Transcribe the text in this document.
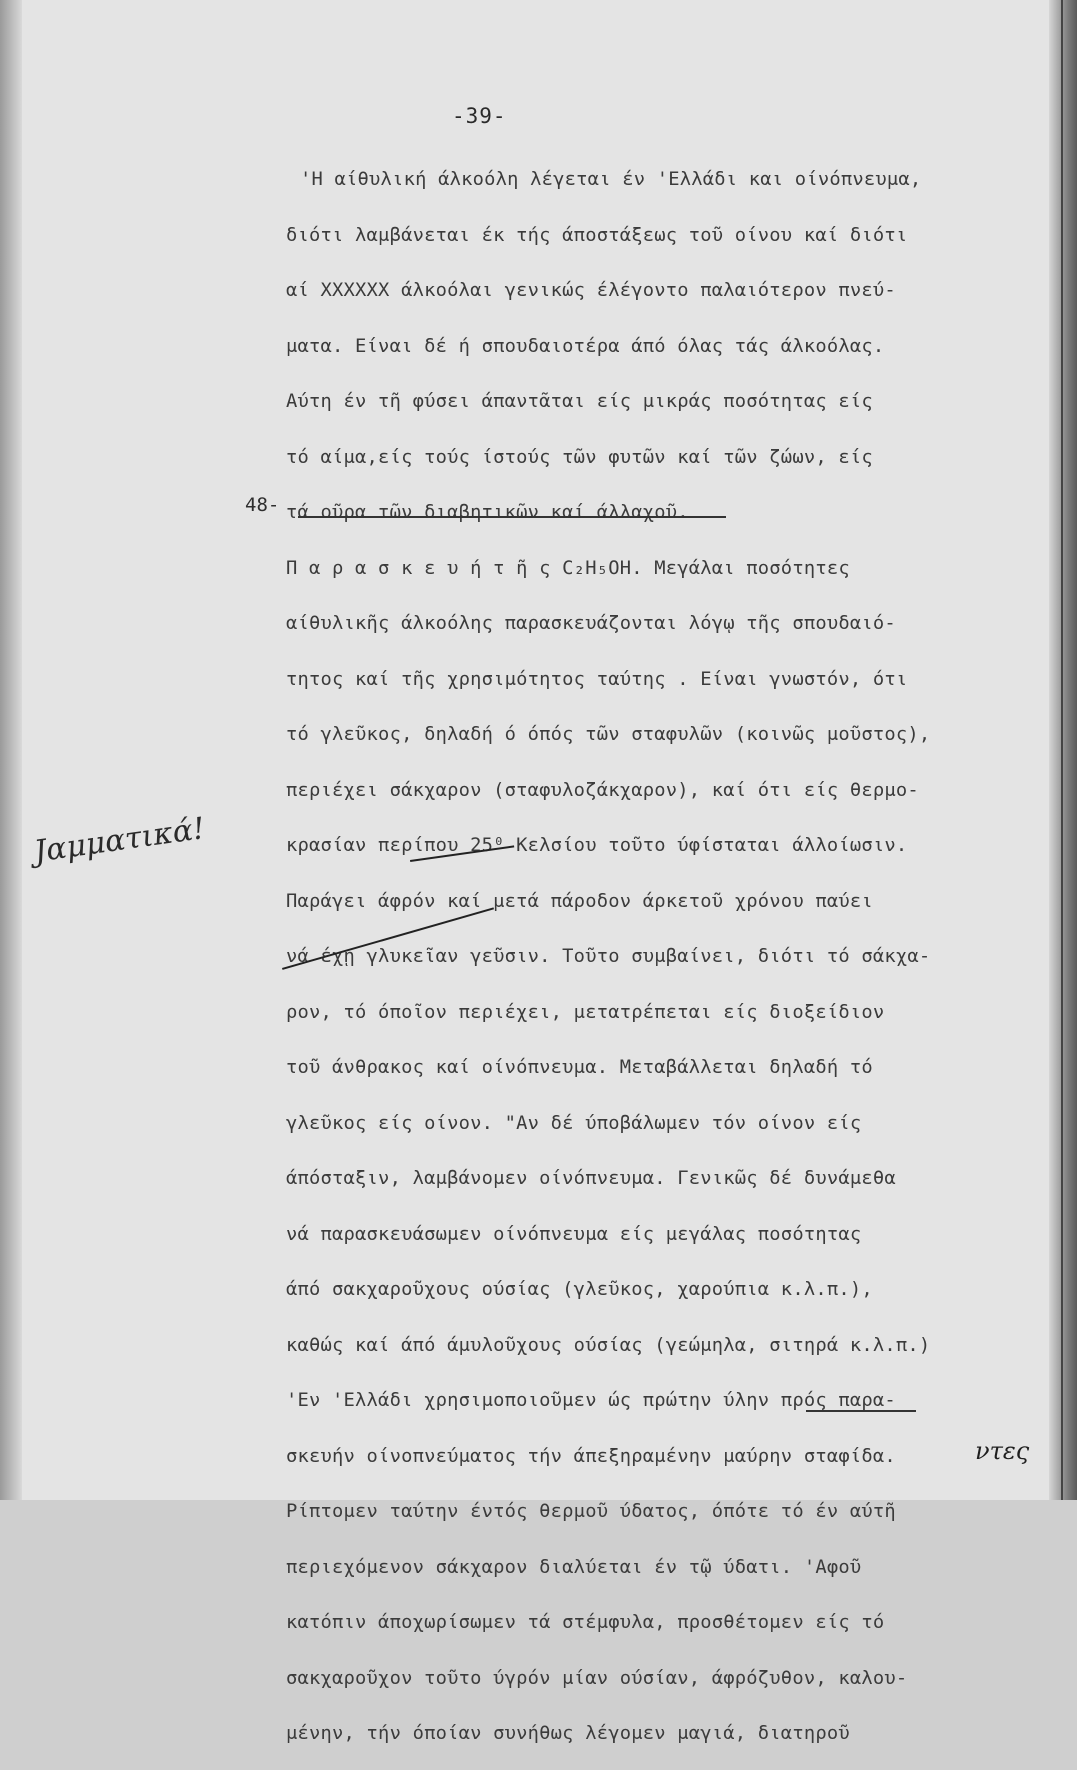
-39-
48-
'Η αίθυλική άλκοόλη λέγεται έν 'Ελλάδι και οίνόπνευμα,
διότι λαμβάνεται έκ τής άποστάξεως τοῦ οίνου καί διότι
αί XXXXXX άλκοόλαι γενικώς έλέγοντο παλαιότερον πνεύ-
ματα. Είναι δέ ή σπουδαιοτέρα άπό όλας τάς άλκοόλας.
Αύτη έν τῆ φύσει άπαντᾶται είς μικράς ποσότητας είς
τό αίμα,είς τούς ίστούς τῶν φυτῶν καί τῶν ζώων, είς
τά οῦρα τῶν διαβητικῶν καί άλλαχοῦ.
Π α ρ α σ κ ε υ ή τ ῆ ς C₂H₅OH. Μεγάλαι ποσότητες
αίθυλικῆς άλκοόλης παρασκευάζονται λόγῳ τῆς σπουδαιό-
τητος καί τῆς χρησιμότητος ταύτης . Είναι γνωστόν, ότι
τό γλεῦκος, δηλαδή ό όπός τῶν σταφυλῶν (κοινῶς μοῦστος),
περιέχει σάκχαρον (σταφυλοζάκχαρον), καί ότι είς θερμο-
κρασίαν περίπου 25⁰ Κελσίου τοῦτο ύφίσταται άλλοίωσιν.
Παράγει άφρόν καί μετά πάροδον άρκετοῦ χρόνου παύει
νά έχῃ γλυκεῖαν γεῦσιν. Τοῦτο συμβαίνει, διότι τό σάκχα-
ρον, τό όποῖον περιέχει, μετατρέπεται είς διοξείδιον
τοῦ άνθρακος καί οίνόπνευμα. Μεταβάλλεται δηλαδή τό
γλεῦκος είς οίνον. "Αν δέ ύποβάλωμεν τόν οίνον είς
άπόσταξιν, λαμβάνομεν οίνόπνευμα. Γενικῶς δέ δυνάμεθα
νά παρασκευάσωμεν οίνόπνευμα είς μεγάλας ποσότητας
άπό σακχαροῦχους ούσίας (γλεῦκος, χαρούπια κ.λ.π.),
καθώς καί άπό άμυλοῦχους ούσίας (γεώμηλα, σιτηρά κ.λ.π.)
'Εν 'Ελλάδι χρησιμοποιοῦμεν ώς πρώτην ύλην πρός παρα-
σκευήν οίνοπνεύματος τήν άπεξηραμένην μαύρην σταφίδα.
Ρίπτομεν ταύτην έντός θερμοῦ ύδατος, όπότε τό έν αύτῆ
περιεχόμενον σάκχαρον διαλύεται έν τῷ ύδατι. 'Αφοῦ
κατόπιν άποχωρίσωμεν τά στέμφυλα, προσθέτομεν είς τό
σακχαροῦχον τοῦτο ύγρόν μίαν ούσίαν, άφρόζυθον, καλου-
μένην, τήν όποίαν συνήθως λέγομεν μαγιά, διατηροῦ
Jαμματικά!
ντες
